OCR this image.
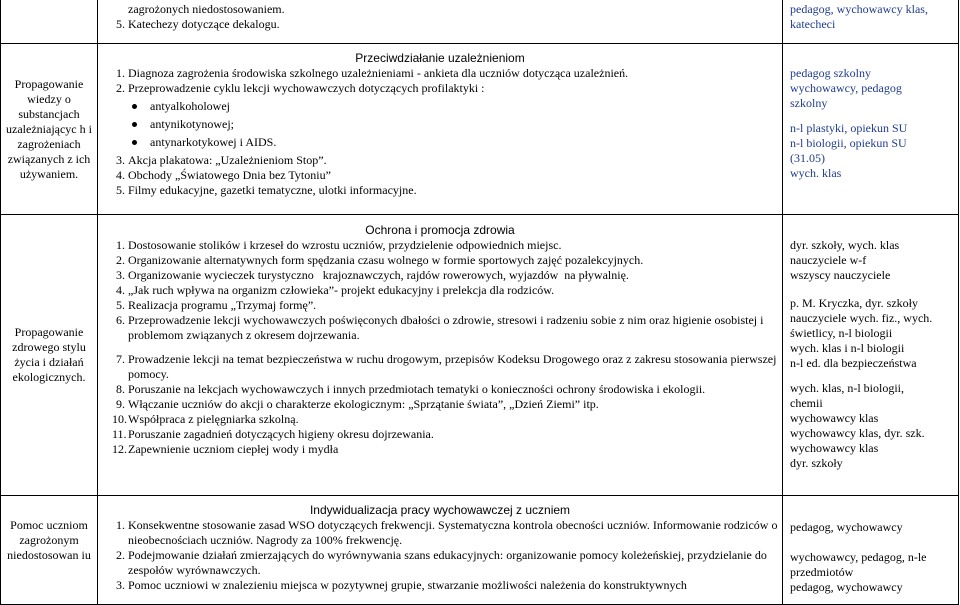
zagrożonych niedostosowaniem.
5. Katechezy dotyczące dekalogu.
pedagog, wychowawcy klas,
katecheci
Propagowanie wiedzy o substancjach uzależniającyc h i zagrożeniach związanych z ich używaniem.
Przeciwdziałanie uzależnieniom
1. Diagnoza zagrożenia środowiska szkolnego uzależnieniami - ankieta dla uczniów dotycząca uzależnień.
2. Przeprowadzenie cyklu lekcji wychowawczych dotyczących profilaktyki :
antyalkoholowej
antynikotynowej;
antynarkotykowej i AIDS.
3. Akcja plakatowa: „Uzależnieniom Stop”.
4. Obchody „Światowego Dnia bez Tytoniu”
5. Filmy edukacyjne, gazetki tematyczne, ulotki informacyjne.
pedagog szkolny
wychowawcy, pedagog
szkolny
n-l plastyki, opiekun SU
n-l biologii, opiekun SU
(31.05)
wych. klas
Propagowanie zdrowego stylu życia i działań ekologicznych.
Ochrona i promocja zdrowia
1. Dostosowanie stolików i krzeseł do wzrostu uczniów, przydzielenie odpowiednich miejsc.
2. Organizowanie alternatywnych form spędzania czasu wolnego w formie sportowych zajęć pozalekcyjnych.
3. Organizowanie wycieczek turystyczno   krajoznawczych, rajdów rowerowych, wyjazdów  na pływalnię.
4. „Jak ruch wpływa na organizm człowieka”- projekt edukacyjny i prelekcja dla rodziców.
5. Realizacja programu „Trzymaj formę”.
6. Przeprowadzenie lekcji wychowawczych poświęconych dbałości o zdrowie, stresowi i radzeniu sobie z nim oraz higienie osobistej i problemom związanych z okresem dojrzewania.
7. Prowadzenie lekcji na temat bezpieczeństwa w ruchu drogowym, przepisów Kodeksu Drogowego oraz z zakresu stosowania pierwszej pomocy.
8. Poruszanie na lekcjach wychowawczych i innych przedmiotach tematyki o konieczności ochrony środowiska i ekologii.
9. Włączanie uczniów do akcji o charakterze ekologicznym: „Sprzątanie świata”, „Dzień Ziemi” itp.
10. Współpraca z pielęgniarka szkolną.
11. Poruszanie zagadnień dotyczących higieny okresu dojrzewania.
12. Zapewnienie uczniom ciepłej wody i mydła
dyr. szkoły, wych. klas
nauczyciele w-f
wszyscy nauczyciele
p. M. Kryczka, dyr. szkoły
nauczyciele wych. fiz., wych.
świetlicy, n-l biologii
wych. klas i n-l biologii
n-l ed. dla bezpieczeństwa
wych. klas, n-l biologii,
chemii
wychowawcy klas
wychowawcy klas, dyr. szk.
wychowawcy klas
dyr. szkoły
Pomoc uczniom zagrożonym niedostosowan iu
Indywidualizacja pracy wychowawczej z uczniem
1. Konsekwentne stosowanie zasad WSO dotyczących frekwencji. Systematyczna kontrola obecności uczniów. Informowanie rodziców o nieobecnościach uczniów. Nagrody za 100% frekwencję.
2. Podejmowanie działań zmierzających do wyrównywania szans edukacyjnych: organizowanie pomocy koleżeńskiej, przydzielanie do zespołów wyrównawczych.
3. Pomoc uczniowi w znalezieniu miejsca w pozytywnej grupie, stwarzanie możliwości należenia do konstruktywnych
pedagog, wychowawcy
wychowawcy, pedagog, n-le
przedmiotów
pedagog, wychowawcy
